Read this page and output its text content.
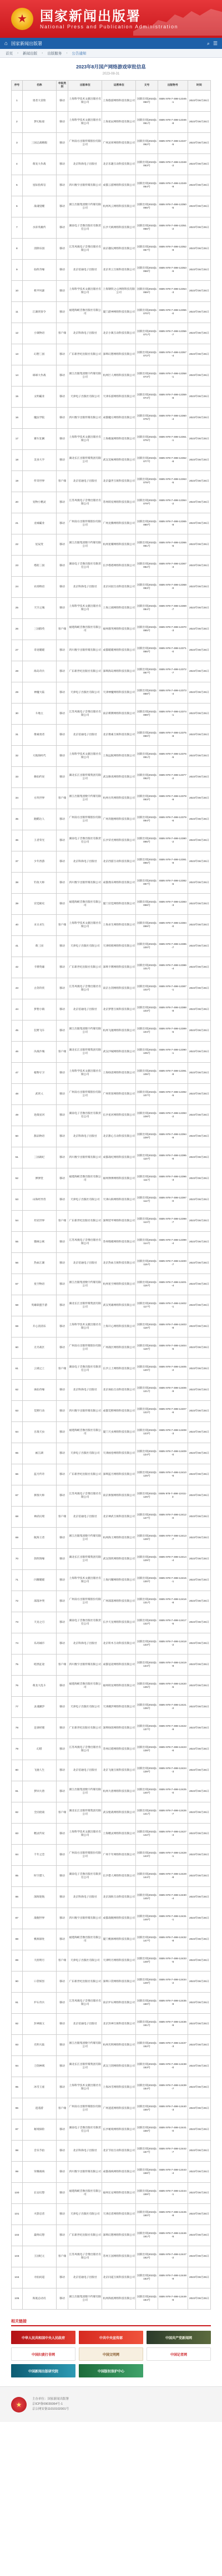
★ 国家新闻出版署
National Press and Publication Administration
⌂ 国家新闻出版署	⌕ ☰
首页	›	新闻出版	›	出版服务	›	公告通知
2023年8月国产网络游戏审批信息
2023-08-31
序号	名称	申报类别	出版单位	运营单位	文号	出版物号	时间
1	勇者大冒险	移动	上海科学技术文献出版社有限公司	上海悠游网络科技有限公司	国新出审[2023]1060号	ISBN 978-7-498-12345-1	2023年08月25日
2	梦幻仙途	移动	上海科学技术文献出版社有限公司	上海星辰网络科技有限公司	国新出审[2023]1061号	ISBN 978-7-498-12346-8	2023年08月25日
3	三国志战略版	移动	广州南方出版传媒股份有限公司	广州灵犀网络科技有限公司	国新出审[2023]1062号	ISBN 978-7-498-12347-5	2023年08月25日
4	萌宠大作战	移动	北京科海电子出版社	北京乐趣互动科技有限公司	国新出审[2023]1063号	ISBN 978-7-498-12348-2	2023年08月25日
5	星际指挥官	移动	四川数字出版传媒有限公司	成都云游网络科技有限公司	国新出审[2023]1064号	ISBN 978-7-498-12349-9	2023年08月25日
6	战魂觉醒	移动	浙江出版集团数字传媒有限公司	杭州风云网络科技有限公司	国新出审[2023]1065号	ISBN 978-7-498-12350-5	2023年08月25日
7	水浒英雄传	移动	湖南电子音像出版社有限责任公司	长沙天纵网络科技有限公司	国新出审[2023]1066号	ISBN 978-7-498-12351-2	2023年08月25日
8	消除乐园	移动	江苏凤凰电子音像出版社有限公司	南京趣玩网络科技有限公司	国新出审[2023]1067号	ISBN 978-7-498-12352-9	2023年08月25日
9	仙侠奇缘	移动	北京伯通电子出版社	北京青云互娱科技有限公司	国新出审[2023]1068号	ISBN 978-7-498-12353-6	2023年08月25日
10	机甲风暴	移动	上海科学技术文献出版社有限公司	上海钢铁之心网络科技有限公司	国新出审[2023]1069号	ISBN 978-7-498-12354-3	2023年08月25日
11	江湖侠客令	移动	福建海峡音像出版社有限公司	厦门游神网络科技有限公司	国新出审[2023]1070号	ISBN 978-7-498-12355-0	2023年08月25日
12	小镇物语	客户端	北京科海电子出版社	北京小镇互动科技有限公司	国新出审[2023]1071号	ISBN 978-7-498-12356-7	2023年08月25日
13	幻想三国	移动	广东新世纪出版社有限公司	深圳幻想网络科技有限公司	国新出审[2023]1072号	ISBN 978-7-498-12357-4	2023年08月25日
14	球球大作战	移动	浙江出版集团数字传媒有限公司	杭州巨人网络科技有限公司	国新出审[2023]1073号	ISBN 978-7-498-12358-1	2023年08月25日
15	文明霸业	移动	天津电子出版社有限公司	天津乐游网络科技有限公司	国新出审[2023]1074号	ISBN 978-7-498-12359-8	2023年08月25日
16	魔法学院	移动	四川数字出版传媒有限公司	成都魔方网络科技有限公司	国新出审[2023]1075号	ISBN 978-7-498-12360-4	2023年08月25日
17	赛车狂飙	移动	上海科学技术文献出版社有限公司	上海极速网络科技有限公司	国新出审[2023]1076号	ISBN 978-7-498-12361-1	2023年08月25日
18	美食大亨	移动	湖北长江出版传媒集团有限公司	武汉美味网络科技有限公司	国新出审[2023]1077号	ISBN 978-7-498-12362-8	2023年08月25日
19	传奇世界	客户端	北京伯通电子出版社	北京盛世互娱科技有限公司	国新出审[2023]1078号	ISBN 978-7-498-12363-5	2023年08月25日
20	宠物小精灵	移动	江苏凤凰电子音像出版社有限公司	苏州萌宠网络科技有限公司	国新出审[2023]1079号	ISBN 978-7-498-12364-2	2023年08月25日
21	龙城霸业	移动	广州南方出版传媒股份有限公司	广州龙腾网络科技有限公司	国新出审[2023]1080号	ISBN 978-7-498-12365-9	2023年08月25日
22	星辰变	移动	浙江出版集团数字传媒有限公司	杭州星耀网络科技有限公司	国新出审[2023]1081号	ISBN 978-7-498-12366-6	2023年08月25日
23	塔防三国	移动	湖南电子音像出版社有限责任公司	长沙塔塔网络科技有限公司	国新出审[2023]1082号	ISBN 978-7-498-12367-3	2023年08月25日
24	农场物语	移动	北京科海电子出版社	北京田园互动科技有限公司	国新出审[2023]1083号	ISBN 978-7-498-12368-0	2023年08月25日
25	天空之城	移动	上海科学技术文献出版社有限公司	上海云端网络科技有限公司	国新出审[2023]1084号	ISBN 978-7-498-12369-7	2023年08月25日
26	三国群英	客户端	福建海峡音像出版社有限公司	福州群英网络科技有限公司	国新出审[2023]1085号	ISBN 978-7-498-12370-3	2023年08月25日
27	奇迹暖暖	移动	四川数字出版传媒有限公司	成都暖暖网络科技有限公司	国新出审[2023]1086号	ISBN 978-7-498-12371-0	2023年08月25日
28	海岛奇兵	移动	广东新世纪出版社有限公司	深圳海岛网络科技有限公司	国新出审[2023]1087号	ISBN 978-7-498-12372-7	2023年08月25日
29	神魔大陆	移动	天津电子出版社有限公司	天津神魔网络科技有限公司	国新出审[2023]1088号	ISBN 978-7-498-12373-4	2023年08月25日
30	斗地主	移动	江苏凤凰电子音像出版社有限公司	南京棋牌网络科技有限公司	国新出审[2023]1089号	ISBN 978-7-498-12374-1	2023年08月25日
31	像素勇者	移动	北京伯通电子出版社	北京像素互娱科技有限公司	国新出审[2023]1090号	ISBN 978-7-498-12375-8	2023年08月25日
32	大航海时代	移动	上海科学技术文献出版社有限公司	上海远航网络科技有限公司	国新出审[2023]1091号	ISBN 978-7-498-12376-5	2023年08月25日
33	修仙传说	移动	湖北长江出版传媒集团有限公司	武汉修真网络科技有限公司	国新出审[2023]1092号	ISBN 978-7-498-12377-2	2023年08月25日
34	方块世界	客户端	浙江出版集团数字传媒有限公司	杭州方块网络科技有限公司	国新出审[2023]1093号	ISBN 978-7-498-12378-9	2023年08月25日
35	跑酷达人	移动	广州南方出版传媒股份有限公司	广州奔跑网络科技有限公司	国新出审[2023]1094号	ISBN 978-7-498-12379-6	2023年08月25日
36	王者荣光	移动	湖南电子音像出版社有限责任公司	长沙荣光网络科技有限公司	国新出审[2023]1095号	ISBN 978-7-498-12380-2	2023年08月25日
37	少年西游	移动	北京科海电子出版社	北京西游互动科技有限公司	国新出审[2023]1096号	ISBN 978-7-498-12381-9	2023年08月25日
38	钓鱼大师	移动	四川数字出版传媒有限公司	成都渔乐网络科技有限公司	国新出审[2023]1097号	ISBN 978-7-498-12382-6	2023年08月25日
39	宫廷秘史	移动	福建海峡音像出版社有限公司	厦门宫廷网络科技有限公司	国新出审[2023]1098号	ISBN 978-7-498-12383-3	2023年08月25日
40	末日求生	客户端	上海科学技术文献出版社有限公司	上海求生网络科技有限公司	国新出审[2023]1099号	ISBN 978-7-498-12384-0	2023年08月25日
41	萌三国	移动	天津电子出版社有限公司	天津萌萌网络科技有限公司	国新出审[2023]1100号	ISBN 978-7-498-12385-7	2023年08月25日
42	卡牌英雄	移动	广东新世纪出版社有限公司	深圳卡牌网络科技有限公司	国新出审[2023]1101号	ISBN 978-7-498-12386-4	2023年08月25日
43	古剑奇侠	移动	江苏凤凰电子音像出版社有限公司	南京古剑网络科技有限公司	国新出审[2023]1102号	ISBN 978-7-498-12387-1	2023年08月25日
44	梦想小镇	移动	北京伯通电子出版社	北京梦想互娱科技有限公司	国新出审[2023]1103号	ISBN 978-7-498-12388-8	2023年08月25日
45	狂野飞车	移动	浙江出版集团数字传媒有限公司	杭州飞驰网络科技有限公司	国新出审[2023]1104号	ISBN 978-7-498-12389-5	2023年08月25日
46	决战沙城	客户端	湖北长江出版传媒集团有限公司	武汉沙城网络科技有限公司	国新出审[2023]1105号	ISBN 978-7-498-12390-1	2023年08月25日
47	植物守卫	移动	上海科学技术文献出版社有限公司	上海绿意网络科技有限公司	国新出审[2023]1106号	ISBN 978-7-498-12391-8	2023年08月25日
48	武侠乂	移动	广州南方出版传媒股份有限公司	广州侠客网络科技有限公司	国新出审[2023]1107号	ISBN 978-7-498-12392-5	2023年08月25日
49	逆战星河	移动	湖南电子音像出版社有限责任公司	长沙星河网络科技有限公司	国新出审[2023]1108号	ISBN 978-7-498-12393-2	2023年08月25日
50	甜品物语	移动	北京科海电子出版社	北京甜心互动科技有限公司	国新出审[2023]1109号	ISBN 978-7-498-12394-9	2023年08月25日
51	三国战纪	移动	四川数字出版传媒有限公司	成都战纪网络科技有限公司	国新出审[2023]1110号	ISBN 978-7-498-12395-6	2023年08月25日
52	弹弹堂	移动	福建海峡音像出版社有限公司	福州弹弹网络科技有限公司	国新出审[2023]1111号	ISBN 978-7-498-12396-3	2023年08月25日
53	山海经异兽	移动	天津电子出版社有限公司	天津山海网络科技有限公司	国新出审[2023]1112号	ISBN 978-7-498-12397-0	2023年08月25日
54	坦克世界	客户端	广东新世纪出版社有限公司	深圳装甲网络科技有限公司	国新出审[2023]1113号	ISBN 978-7-498-12398-7	2023年08月25日
55	猫咪公寓	移动	江苏凤凰电子音像出版社有限公司	苏州喵喵网络科技有限公司	国新出审[2023]1114号	ISBN 978-7-498-12399-4	2023年08月25日
56	热血江湖	移动	北京伯通电子出版社	北京热血互娱科技有限公司	国新出审[2023]1115号	ISBN 978-7-498-12400-7	2023年08月25日
57	星空物语	移动	浙江出版集团数字传媒有限公司	杭州星空网络科技有限公司	国新出审[2023]1116号	ISBN 978-7-498-12401-4	2023年08月25日
58	英雄联盟手游	移动	湖北长江出版传媒集团有限公司	武汉英雄网络科技有限公司	国新出审[2023]1117号	ISBN 978-7-498-12402-1	2023年08月25日
59	开心消消乐	移动	上海科学技术文献出版社有限公司	上海开心网络科技有限公司	国新出审[2023]1118号	ISBN 978-7-498-12403-8	2023年08月25日
60	无尽战区	移动	广州南方出版传媒股份有限公司	广州战区网络科技有限公司	国新出审[2023]1119号	ISBN 978-7-498-12404-5	2023年08月25日
61	云端之上	客户端	湖南电子音像出版社有限责任公司	长沙云上网络科技有限公司	国新出审[2023]1120号	ISBN 978-7-498-12405-2	2023年08月25日
62	诛仙奇缘	移动	北京科海电子出版社	北京诛仙互动科技有限公司	国新出审[2023]1121号	ISBN 978-7-498-12406-9	2023年08月25日
63	荒野行动	移动	四川数字出版传媒有限公司	成都荒野网络科技有限公司	国新出审[2023]1122号	ISBN 978-7-498-12407-6	2023年08月25日
64	百战天虫	移动	福建海峡音像出版社有限公司	厦门天虫网络科技有限公司	国新出审[2023]1123号	ISBN 978-7-498-12408-3	2023年08月25日
65	画江湖	移动	天津电子出版社有限公司	天津画卷网络科技有限公司	国新出审[2023]1124号	ISBN 978-7-498-12409-0	2023年08月25日
66	蓝月传奇	移动	广东新世纪出版社有限公司	深圳蓝月网络科技有限公司	国新出审[2023]1125号	ISBN 978-7-498-12410-6	2023年08月25日
67	拼图大师	移动	江苏凤凰电子音像出版社有限公司	南京拼图网络科技有限公司	国新出审[2023]1126号	ISBN 978-7-498-12411-3	2023年08月25日
68	神武幻境	客户端	北京伯通电子出版社	北京神武互娱科技有限公司	国新出审[2023]1127号	ISBN 978-7-498-12412-0	2023年08月25日
69	航海王者	移动	浙江出版集团数字传媒有限公司	杭州海王网络科技有限公司	国新出审[2023]1128号	ISBN 978-7-498-12413-7	2023年08月25日
70	剑侠情缘	移动	湖北长江出版传媒集团有限公司	武汉剑侠网络科技有限公司	国新出审[2023]1129号	ISBN 978-7-498-12414-4	2023年08月25日
71	闪耀暖暖	移动	上海科学技术文献出版社有限公司	上海闪耀网络科技有限公司	国新出审[2023]1130号	ISBN 978-7-498-12415-1	2023年08月25日
72	部落冲突	移动	广州南方出版传媒股份有限公司	广州部落网络科技有限公司	国新出审[2023]1131号	ISBN 978-7-498-12416-8	2023年08月25日
73	天龙之刃	移动	湖南电子音像出版社有限责任公司	长沙天龙网络科技有限公司	国新出审[2023]1132号	ISBN 978-7-498-12417-5	2023年08月25日
74	乐高城市	移动	北京科海电子出版社	北京积木互动科技有限公司	国新出审[2023]1133号	ISBN 978-7-498-12418-2	2023年08月25日
75	暗黑征途	客户端	四川数字出版传媒有限公司	成都征途网络科技有限公司	国新出审[2023]1134号	ISBN 978-7-498-12419-9	2023年08月25日
76	萌龙大乱斗	移动	福建海峡音像出版社有限公司	福州萌龙网络科技有限公司	国新出审[2023]1135号	ISBN 978-7-498-12420-5	2023年08月25日
77	灵魂潮汐	移动	天津电子出版社有限公司	天津潮汐网络科技有限公司	国新出审[2023]1136号	ISBN 978-7-498-12421-2	2023年08月25日
78	足球经理	移动	广东新世纪出版社有限公司	深圳绿茵网络科技有限公司	国新出审[2023]1137号	ISBN 978-7-498-12422-9	2023年08月25日
79	幻塔	移动	江苏凤凰电子音像出版社有限公司	苏州幻塔网络科技有限公司	国新出审[2023]1138号	ISBN 978-7-498-12423-6	2023年08月25日
80	飞驰人生	移动	北京伯通电子出版社	北京飞驰互娱科技有限公司	国新出审[2023]1139号	ISBN 978-7-498-12424-3	2023年08月25日
81	梦回大唐	移动	浙江出版集团数字传媒有限公司	杭州大唐网络科技有限公司	国新出审[2023]1140号	ISBN 978-7-498-12425-0	2023年08月25日
82	全民枪战	客户端	湖北长江出版传媒集团有限公司	武汉枪战网络科技有限公司	国新出审[2023]1141号	ISBN 978-7-498-12426-7	2023年08月25日
83	精灵传说	移动	上海科学技术文献出版社有限公司	上海精灵网络科技有限公司	国新出审[2023]1142号	ISBN 978-7-498-12427-4	2023年08月25日
84	千年之恋	移动	广州南方出版传媒股份有限公司	广州千年网络科技有限公司	国新出审[2023]1143号	ISBN 978-7-498-12428-1	2023年08月25日
85	时空猎人	移动	湖南电子音像出版社有限责任公司	长沙猎人网络科技有限公司	国新出审[2023]1144号	ISBN 978-7-498-12429-8	2023年08月25日
86	深海迷航	移动	北京科海电子出版社	北京深海互动科技有限公司	国新出审[2023]1145号	ISBN 978-7-498-12430-4	2023年08月25日
87	战舰世界	移动	四川数字出版传媒有限公司	成都战舰网络科技有限公司	国新出审[2023]1146号	ISBN 978-7-498-12431-1	2023年08月25日
88	桃源深处	移动	福建海峡音像出版社有限公司	厦门桃源网络科技有限公司	国新出审[2023]1147号	ISBN 978-7-498-12432-8	2023年08月25日
89	天涯明月	客户端	天津电子出版社有限公司	天津明月网络科技有限公司	国新出审[2023]1148号	ISBN 978-7-498-12433-5	2023年08月25日
90	口袋妖怪	移动	广东新世纪出版社有限公司	深圳口袋网络科技有限公司	国新出审[2023]1149号	ISBN 978-7-498-12434-2	2023年08月25日
91	炉石奇兵	移动	江苏凤凰电子音像出版社有限公司	南京炉石网络科技有限公司	国新出审[2023]1150号	ISBN 978-7-498-12435-9	2023年08月25日
92	封神演义	移动	北京伯通电子出版社	北京封神互娱科技有限公司	国新出审[2023]1151号	ISBN 978-7-498-12436-6	2023年08月25日
93	光明大陆	移动	浙江出版集团数字传媒有限公司	杭州光明网络科技有限公司	国新出审[2023]1152号	ISBN 978-7-498-12437-3	2023年08月25日
94	刀剑神域	移动	湖北长江出版传媒集团有限公司	武汉刀剑网络科技有限公司	国新出审[2023]1153号	ISBN 978-7-498-12438-0	2023年08月25日
95	冰雪王座	移动	上海科学技术文献出版社有限公司	上海冰雪网络科技有限公司	国新出审[2023]1154号	ISBN 978-7-498-12439-7	2023年08月25日
96	逍遥游	客户端	广州南方出版传媒股份有限公司	广州逍遥网络科技有限公司	国新出审[2023]1155号	ISBN 978-7-498-12440-3	2023年08月25日
97	秘境探险	移动	湖南电子音像出版社有限责任公司	长沙秘境网络科技有限公司	国新出审[2023]1156号	ISBN 978-7-498-12441-0	2023年08月25日
98	音乐节拍	移动	北京科海电子出版社	北京节拍互动科技有限公司	国新出审[2023]1157号	ISBN 978-7-498-12442-7	2023年08月25日
99	荣耀战线	移动	四川数字出版传媒有限公司	成都战线网络科技有限公司	国新出审[2023]1158号	ISBN 978-7-498-12443-4	2023年08月25日
100	长安幻想	移动	福建海峡音像出版社有限公司	福州长安网络科技有限公司	国新出审[2023]1159号	ISBN 978-7-498-12444-1	2023年08月25日
101	火影忍者	移动	天津电子出版社有限公司	天津忍者网络科技有限公司	国新出审[2023]1160号	ISBN 978-7-498-12445-8	2023年08月25日
102	最终幻想	移动	广东新世纪出版社有限公司	深圳幻想网络科技有限公司	国新出审[2023]1161号	ISBN 978-7-498-12446-5	2023年08月25日
103	王国纪元	客户端	江苏凤凰电子音像出版社有限公司	苏州王国网络科技有限公司	国新出审[2023]1162号	ISBN 978-7-498-12447-2	2023年08月25日
104	寻仙问道	移动	北京伯通电子出版社	北京问道互娱科技有限公司	国新出审[2023]1163号	ISBN 978-7-498-12448-9	2023年08月25日
105	海底总动员	移动	浙江出版集团数字传媒有限公司	杭州海底网络科技有限公司	国新出审[2023]1164号	ISBN 978-7-498-12449-6	2023年08月25日
相关链接
中华人民共和国中央人民政府	中共中央宣传部	中国共产党新闻网
中国扫黄打非网	中国文明网	中国记者网
中国新闻出版研究院	中国版权保护中心
★
主办单位：国家新闻出版署
京ICP备09039364号-1
京公网安备11010102001号
